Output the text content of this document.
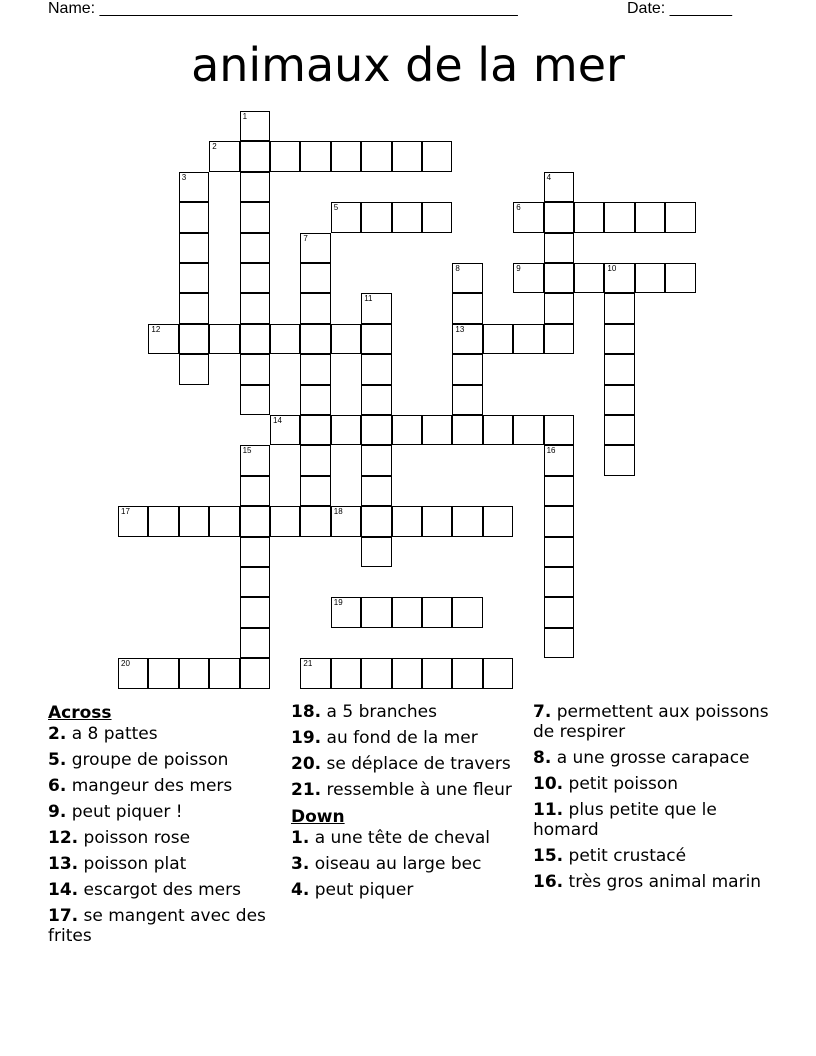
Name: _______________________________________________	Date: _______
animaux de la mer
1
2
3	4
5	6
7
8
13
9	10
11
12
14
15	16
17	18
19
20	21
Across
2. a 8 pattes
5. groupe de poisson
6. mangeur des mers
9. peut piquer !
12. poisson rose
13. poisson plat
14. escargot des mers
17. se mangent avec des frites
18. a 5 branches
19. au fond de la mer
20. se déplace de travers
21. ressemble à une fleur
Down
1. a une tête de cheval
3. oiseau au large bec
4. peut piquer
7. permettent aux poissons de respirer
8. a une grosse carapace
10. petit poisson
11. plus petite que le homard
15. petit crustacé
16. très gros animal marin
